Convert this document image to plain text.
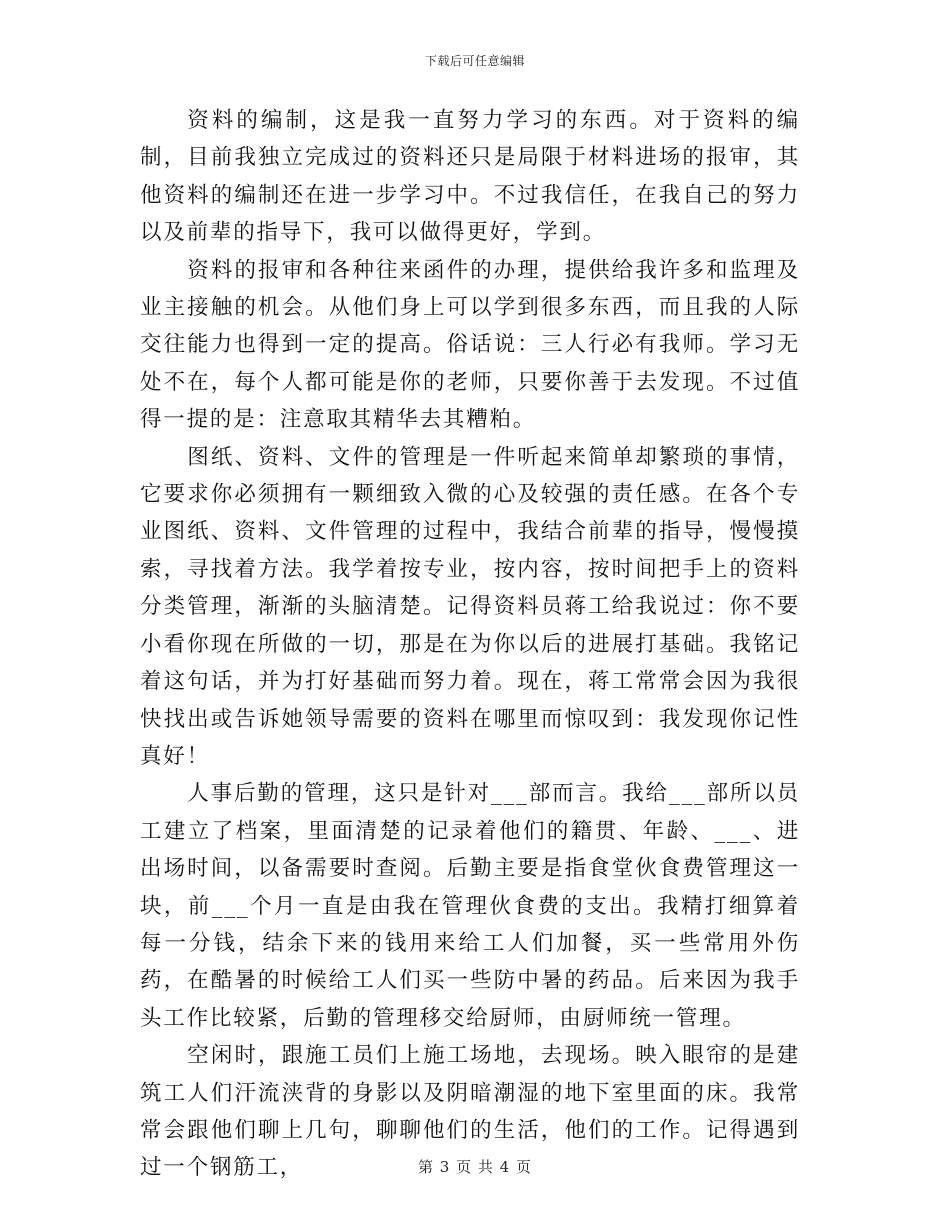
下载后可任意编辑

资料的编制，这是我一直努力学习的东西。对于资料的编制，目前我独立完成过的资料还只是局限于材料进场的报审，其他资料的编制还在进一步学习中。不过我信任，在我自己的努力以及前辈的指导下，我可以做得更好，学到。

资料的报审和各种往来函件的办理，提供给我许多和监理及业主接触的机会。从他们身上可以学到很多东西，而且我的人际交往能力也得到一定的提高。俗话说：三人行必有我师。学习无处不在，每个人都可能是你的老师，只要你善于去发现。不过值得一提的是：注意取其精华去其糟粕。

图纸、资料、文件的管理是一件听起来简单却繁琐的事情，它要求你必须拥有一颗细致入微的心及较强的责任感。在各个专业图纸、资料、文件管理的过程中，我结合前辈的指导，慢慢摸索，寻找着方法。我学着按专业，按内容，按时间把手上的资料分类管理，渐渐的头脑清楚。记得资料员蒋工给我说过：你不要小看你现在所做的一切，那是在为你以后的进展打基础。我铭记着这句话，并为打好基础而努力着。现在，蒋工常常会因为我很快找出或告诉她领导需要的资料在哪里而惊叹到：我发现你记性真好！

人事后勤的管理，这只是针对___部而言。我给___部所以员工建立了档案，里面清楚的记录着他们的籍贯、年龄、___、进出场时间，以备需要时查阅。后勤主要是指食堂伙食费管理这一块，前___个月一直是由我在管理伙食费的支出。我精打细算着每一分钱，结余下来的钱用来给工人们加餐，买一些常用外伤药，在酷暑的时候给工人们买一些防中暑的药品。后来因为我手头工作比较紧，后勤的管理移交给厨师，由厨师统一管理。

空闲时，跟施工员们上施工场地，去现场。映入眼帘的是建筑工人们汗流浃背的身影以及阴暗潮湿的地下室里面的床。我常常会跟他们聊上几句，聊聊他们的生活，他们的工作。记得遇到过一个钢筋工，	第 3 页 共 4 页
